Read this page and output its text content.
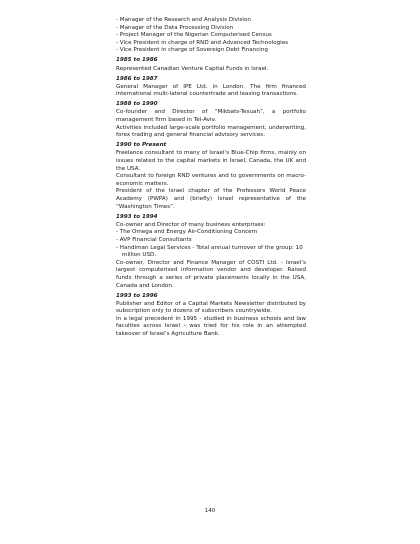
- Manager of the Research and Analysis Division
- Manager of the Data Processing Division
- Project Manager of the Nigerian Computerised Census
- Vice President in charge of RND and Advanced Technologies
- Vice President in charge of Sovereign Debt Financing
1985 to 1986

Represented Canadian Venture Capital Funds in Israel.

1986 to 1987

General Manager of IPE Ltd. in London. The firm financed international multi-lateral countertrade and leasing transactions.

1988 to 1990

Co-founder and Director of “Mikbats-Tesuah”, a portfolio management firm based in Tel-Aviv.

Activities included large-scale portfolio management, underwriting, forex trading and general financial advisory services.

1990 to Present

Freelance consultant to many of Israel’s Blue-Chip firms, mainly on issues related to the capital markets in Israel, Canada, the UK and the USA.

Consultant to foreign RND ventures and to governments on macro-economic matters.

President of the Israel chapter of the Professors World Peace Academy (PWPA) and (briefly) Israel representative of the “Washington Times”.

1993 to 1994

Co-owner and Director of many business enterprises:

- The Omega and Energy Air-Conditioning Concern
- AVP Financial Consultants
- Handiman Legal Services - Total annual turnover of the group: 10 million USD.

Co-owner, Director and Finance Manager of COSTI Ltd. - Israel’s largest computerised information vendor and developer. Raised funds through a series of private placements locally in the USA, Canada and London.

1993 to 1996

Publisher and Editor of a Capital Markets Newsletter distributed by subscription only to dozens of subscribers countrywide.

In a legal precedent in 1995 - studied in business schools and law faculties across Israel - was tried for his role in an attempted takeover of Israel’s Agriculture Bank.

140
